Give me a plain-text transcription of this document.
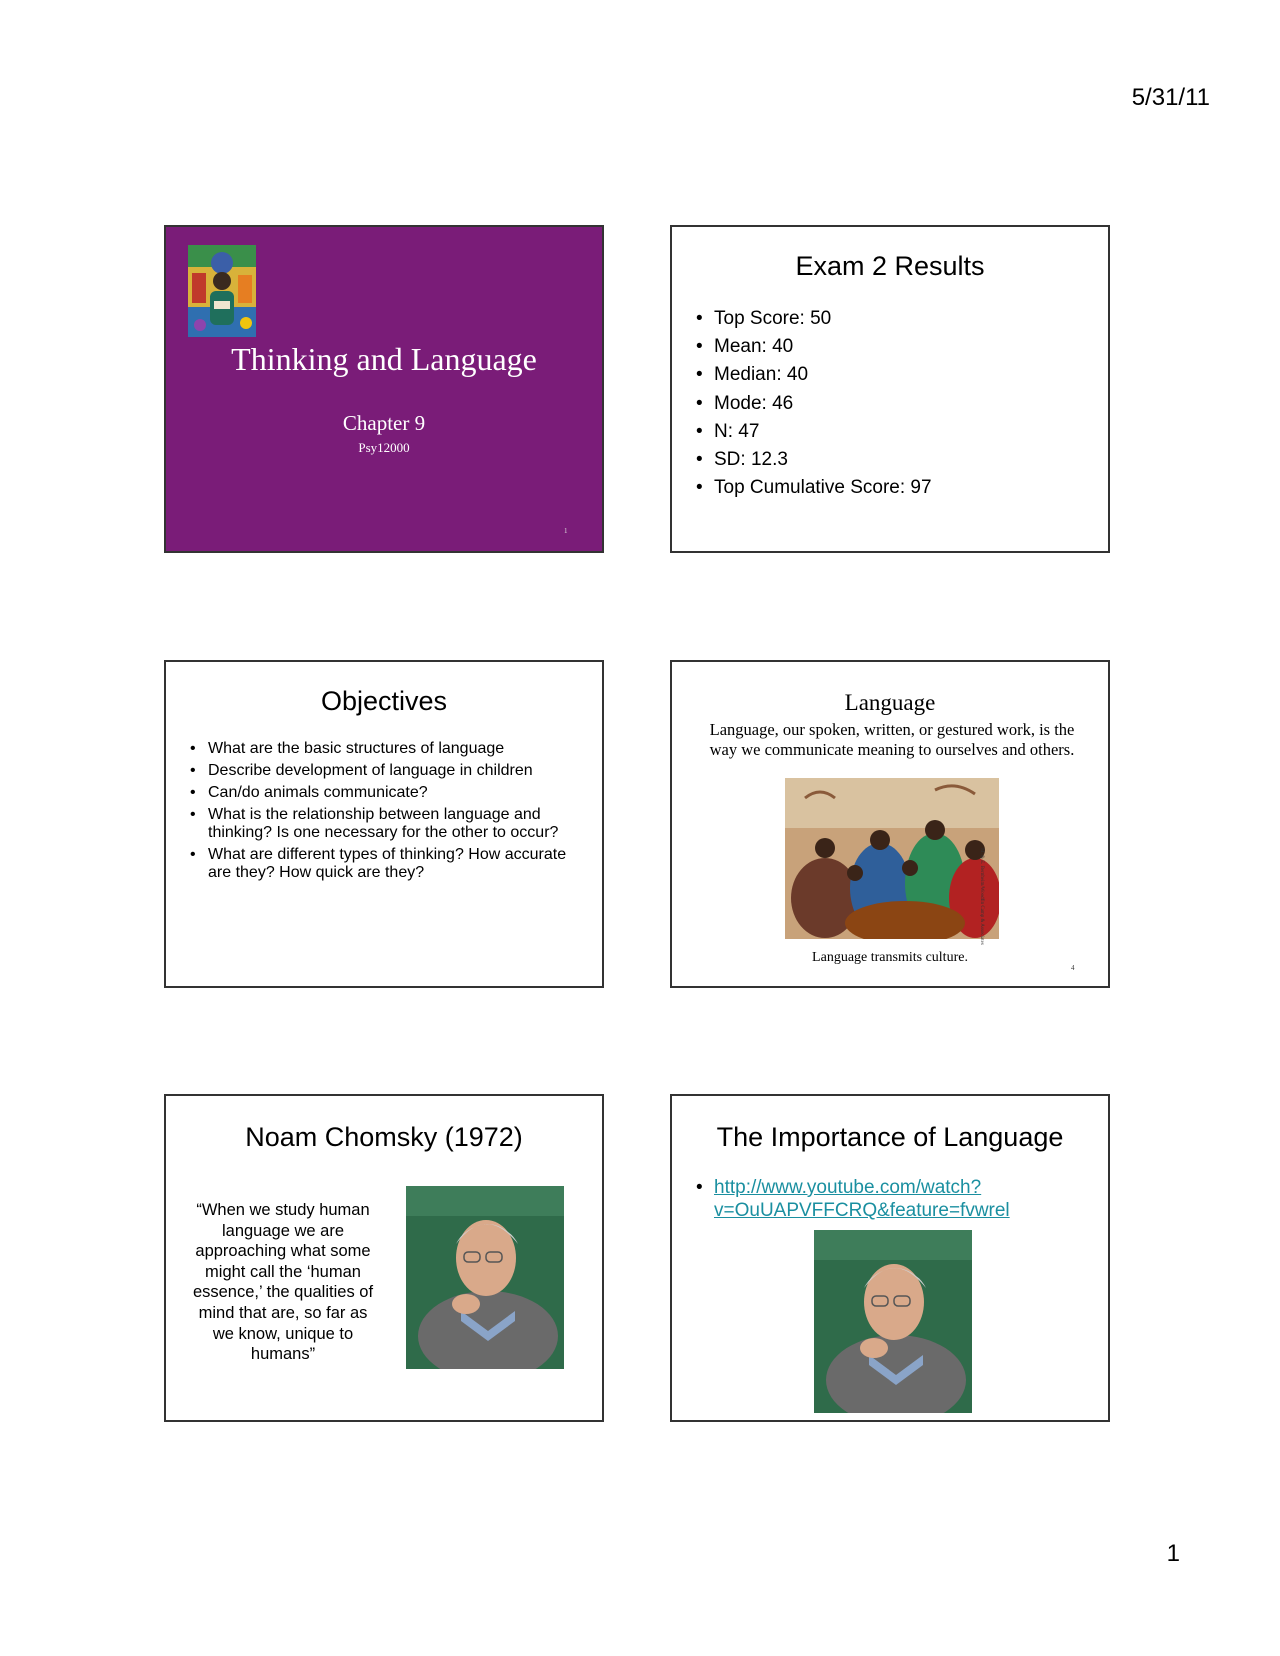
5/31/11
Thinking and Language
Chapter 9
Psy12000
1
Exam 2 Results
• Top Score: 50
• Mean: 40
• Median: 40
• Mode: 46
• N: 47
• SD: 12.3
• Top Cumulative Score: 97
Objectives
• What are the basic structures of language
• Describe development of language in children
• Can/do animals communicate?
• What is the relationship between language and thinking? Is one necessary for the other to occur?
• What are different types of thinking? How accurate are they? How quick are they?
Language
Language, our spoken, written, or gestured work, is the way we communicate meaning to ourselves and others.
M. & E. Bernheim/Woodfin Camp & Associates
Language transmits culture.
4
Noam Chomsky (1972)
“When we study human language we are approaching what some might call the ‘human essence,’ the qualities of mind that are, so far as we know, unique to humans”
The Importance of Language
• http://www.youtube.com/watch?
v=OuUAPVFFCRQ&feature=fvwrel
1
